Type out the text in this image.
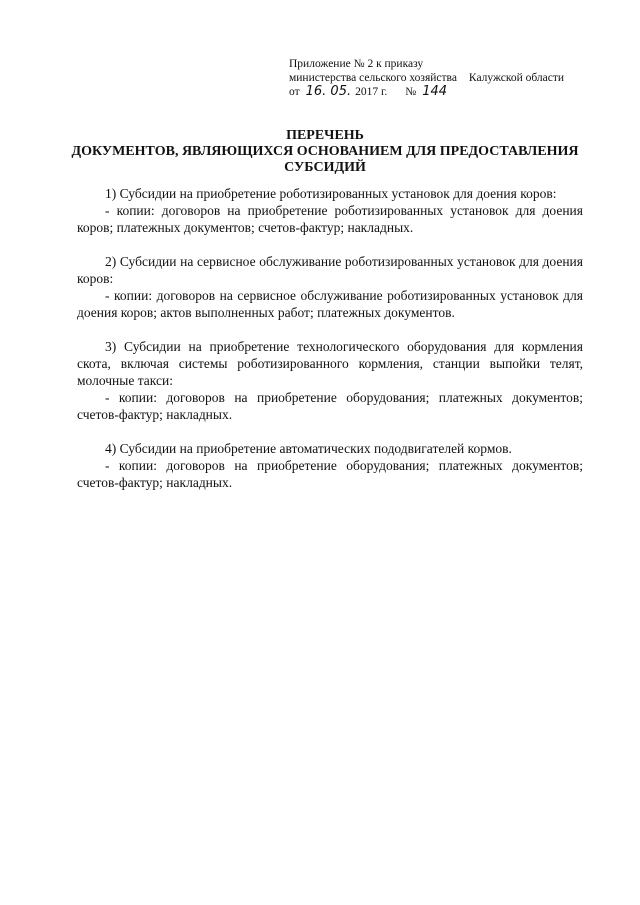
Приложение № 2 к приказу
министерства сельского хозяйства Калужской области
от 16. 05. 2017 г. № 144
ПЕРЕЧЕНЬ
ДОКУМЕНТОВ, ЯВЛЯЮЩИХСЯ ОСНОВАНИЕМ ДЛЯ ПРЕДОСТАВЛЕНИЯ
СУБСИДИЙ

1) Субсидии на приобретение роботизированных установок для доения коров:

- копии: договоров на приобретение роботизированных установок для доения коров; платежных документов; счетов-фактур; накладных.

2) Субсидии на сервисное обслуживание роботизированных установок для доения коров:

- копии: договоров на сервисное обслуживание роботизированных установок для доения коров; актов выполненных работ; платежных документов.

3) Субсидии на приобретение технологического оборудования для кормления скота, включая системы роботизированного кормления, станции выпойки телят, молочные такси:

- копии: договоров на приобретение оборудования; платежных документов; счетов-фактур; накладных.

4) Субсидии на приобретение автоматических пододвигателей кормов.

- копии: договоров на приобретение оборудования; платежных документов; счетов-фактур; накладных.
